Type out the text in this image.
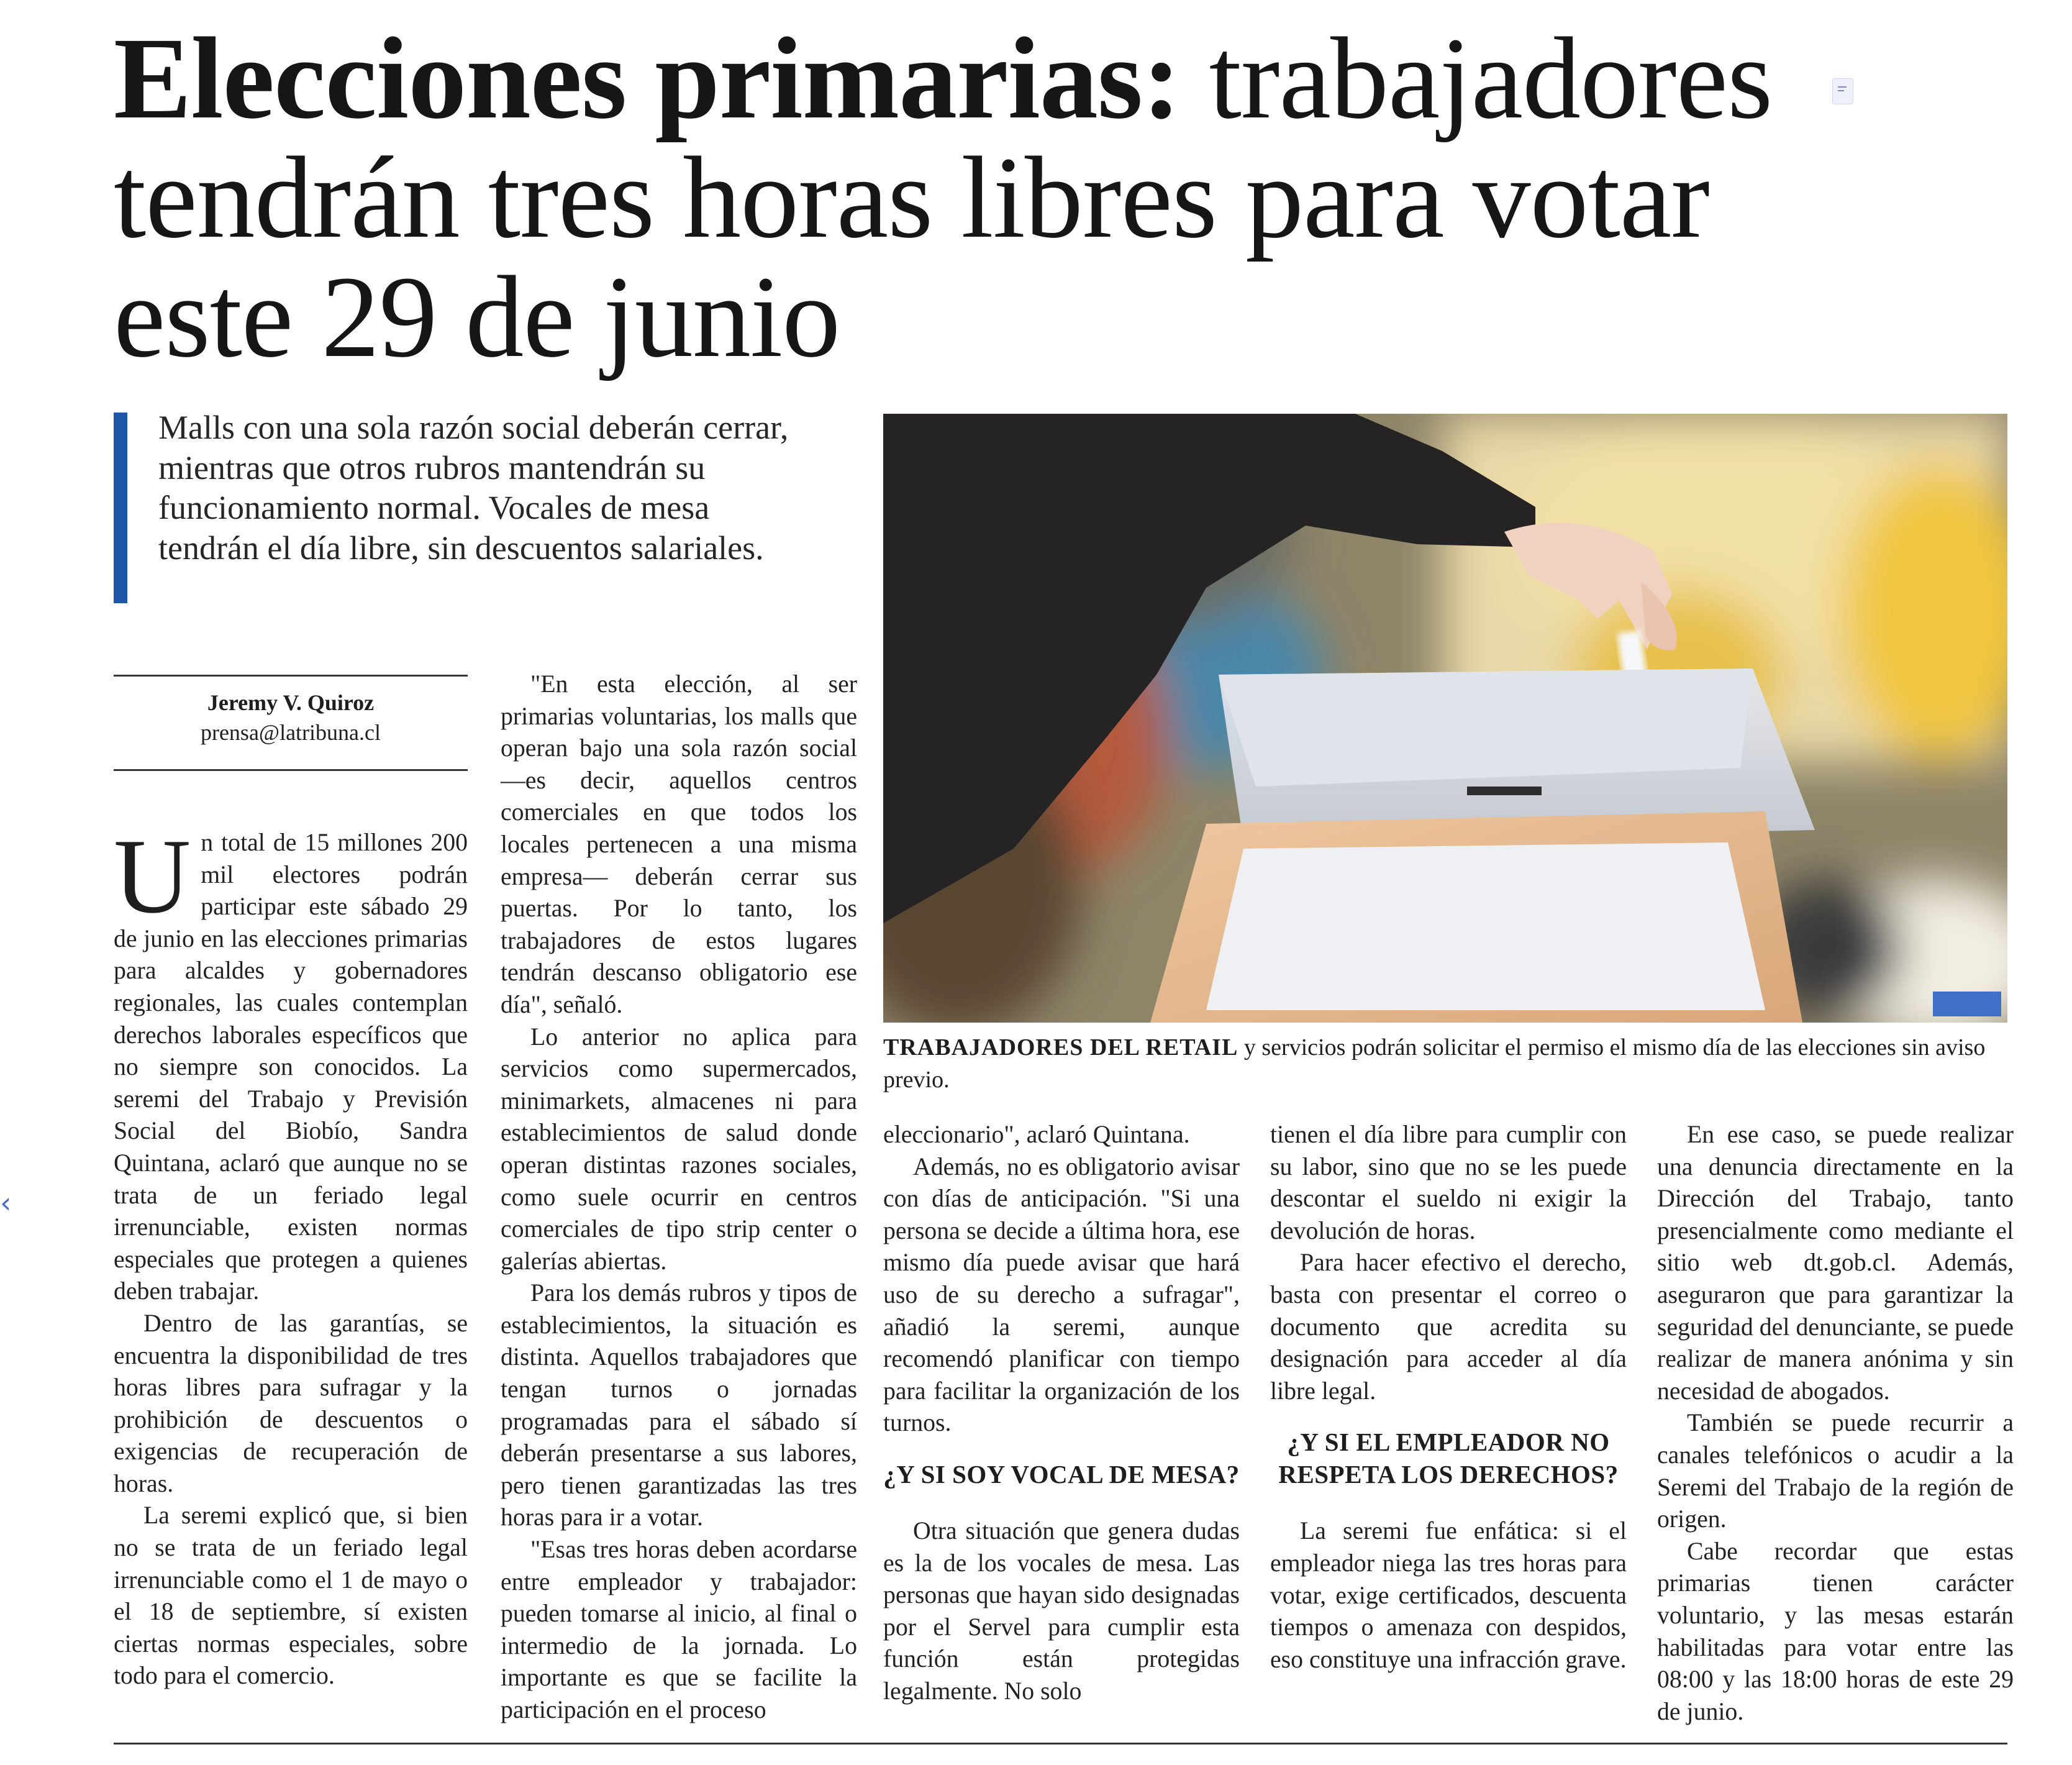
Elecciones primarias: trabajadores tendrán tres horas libres para votar este 29 de junio
‹

Malls con una sola razón social deberán cerrar, mientras que otros rubros mantendrán su funcionamiento normal. Vocales de mesa tendrán el día libre, sin descuentos salariales.

TRABAJADORES DEL RETAIL y servicios podrán solicitar el permiso el mismo día de las elecciones sin aviso previo.

Jeremy V. Quiroz
prensa@latribuna.cl

Un total de 15 millones 200 mil electores podrán participar este sábado 29 de junio en las elecciones primarias para alcaldes y gobernadores regionales, las cuales contemplan derechos laborales específicos que no siempre son conocidos. La seremi del Trabajo y Previsión Social del Biobío, Sandra Quintana, aclaró que aunque no se trata de un feriado legal irrenunciable, existen normas especiales que protegen a quienes deben trabajar.

Dentro de las garantías, se encuentra la disponibilidad de tres horas libres para sufragar y la prohibición de descuentos o exigencias de recuperación de horas.

La seremi explicó que, si bien no se trata de un feriado legal irrenunciable como el 1 de mayo o el 18 de septiembre, sí existen ciertas normas especiales, sobre todo para el comercio.

"En esta elección, al ser primarias voluntarias, los malls que operan bajo una sola razón social —es decir, aquellos centros comerciales en que todos los locales pertenecen a una misma empresa— deberán cerrar sus puertas. Por lo tanto, los trabajadores de estos lugares tendrán descanso obligatorio ese día", señaló.

Lo anterior no aplica para servicios como supermercados, minimarkets, almacenes ni para establecimientos de salud donde operan distintas razones sociales, como suele ocurrir en centros comerciales de tipo strip center o galerías abiertas.

Para los demás rubros y tipos de establecimientos, la situación es distinta. Aquellos trabajadores que tengan turnos o jornadas programadas para el sábado sí deberán presentarse a sus labores, pero tienen garantizadas las tres horas para ir a votar.

"Esas tres horas deben acordarse entre empleador y trabajador: pueden tomarse al inicio, al final o intermedio de la jornada. Lo importante es que se facilite la participación en el proceso

eleccionario", aclaró Quintana.

Además, no es obligatorio avisar con días de anticipación. "Si una persona se decide a última hora, ese mismo día puede avisar que hará uso de su derecho a sufragar", añadió la seremi, aunque recomendó planificar con tiempo para facilitar la organización de los turnos.

¿Y SI SOY VOCAL DE MESA?

Otra situación que genera dudas es la de los vocales de mesa. Las personas que hayan sido designadas por el Servel para cumplir esta función están protegidas legalmente. No solo

tienen el día libre para cumplir con su labor, sino que no se les puede descontar el sueldo ni exigir la devolución de horas.

Para hacer efectivo el derecho, basta con presentar el correo o documento que acredita su designación para acceder al día libre legal.

¿Y SI EL EMPLEADOR NO RESPETA LOS DERECHOS?

La seremi fue enfática: si el empleador niega las tres horas para votar, exige certificados, descuenta tiempos o amenaza con despidos, eso constituye una infracción grave.

En ese caso, se puede realizar una denuncia directamente en la Dirección del Trabajo, tanto presencialmente como mediante el sitio web dt.gob.cl. Además, aseguraron que para garantizar la seguridad del denunciante, se puede realizar de manera anónima y sin necesidad de abogados.

También se puede recurrir a canales telefónicos o acudir a la Seremi del Trabajo de la región de origen.

Cabe recordar que estas primarias tienen carácter voluntario, y las mesas estarán habilitadas para votar entre las 08:00 y las 18:00 horas de este 29 de junio.
